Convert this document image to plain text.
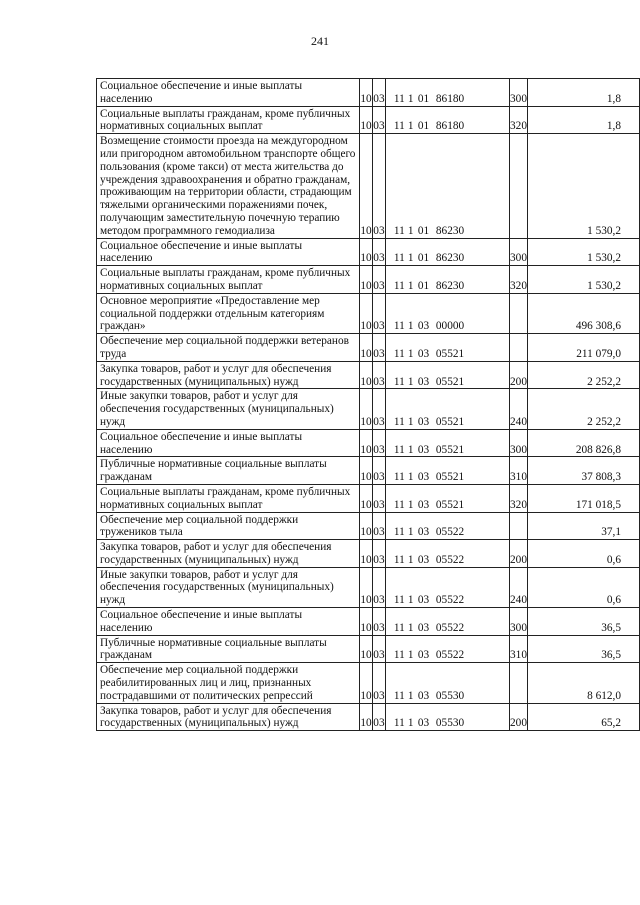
241
Социальное обеспечение и иные выплаты населению	10	03	11 1 01 86180	300	1,8
Социальные выплаты гражданам, кроме публичных нормативных социальных выплат	10	03	11 1 01 86180	320	1,8
Возмещение стоимости проезда на междугородном или пригородном автомобильном транспорте общего пользования (кроме такси) от места жительства до учреждения здравоохранения и обратно гражданам, проживающим на территории области, страдающим тяжелыми органическими поражениями почек, получающим заместительную почечную терапию методом программного гемодиализа	10	03	11 1 01 86230		1 530,2
Социальное обеспечение и иные выплаты населению	10	03	11 1 01 86230	300	1 530,2
Социальные выплаты гражданам, кроме публичных нормативных социальных выплат	10	03	11 1 01 86230	320	1 530,2
Основное мероприятие «Предоставление мер социальной поддержки отдельным категориям граждан»	10	03	11 1 03 00000		496 308,6
Обеспечение мер социальной поддержки ветеранов труда	10	03	11 1 03 05521		211 079,0
Закупка товаров, работ и услуг для обеспечения государственных (муниципальных) нужд	10	03	11 1 03 05521	200	2 252,2
Иные закупки товаров, работ и услуг для обеспечения государственных (муниципальных) нужд	10	03	11 1 03 05521	240	2 252,2
Социальное обеспечение и иные выплаты населению	10	03	11 1 03 05521	300	208 826,8
Публичные нормативные социальные выплаты гражданам	10	03	11 1 03 05521	310	37 808,3
Социальные выплаты гражданам, кроме публичных нормативных социальных выплат	10	03	11 1 03 05521	320	171 018,5
Обеспечение мер социальной поддержки тружеников тыла	10	03	11 1 03 05522		37,1
Закупка товаров, работ и услуг для обеспечения государственных (муниципальных) нужд	10	03	11 1 03 05522	200	0,6
Иные закупки товаров, работ и услуг для обеспечения государственных (муниципальных) нужд	10	03	11 1 03 05522	240	0,6
Социальное обеспечение и иные выплаты населению	10	03	11 1 03 05522	300	36,5
Публичные нормативные социальные выплаты гражданам	10	03	11 1 03 05522	310	36,5
Обеспечение мер социальной поддержки реабилитированных лиц и лиц, признанных пострадавшими от политических репрессий	10	03	11 1 03 05530		8 612,0
Закупка товаров, работ и услуг для обеспечения государственных (муниципальных) нужд	10	03	11 1 03 05530	200	65,2
